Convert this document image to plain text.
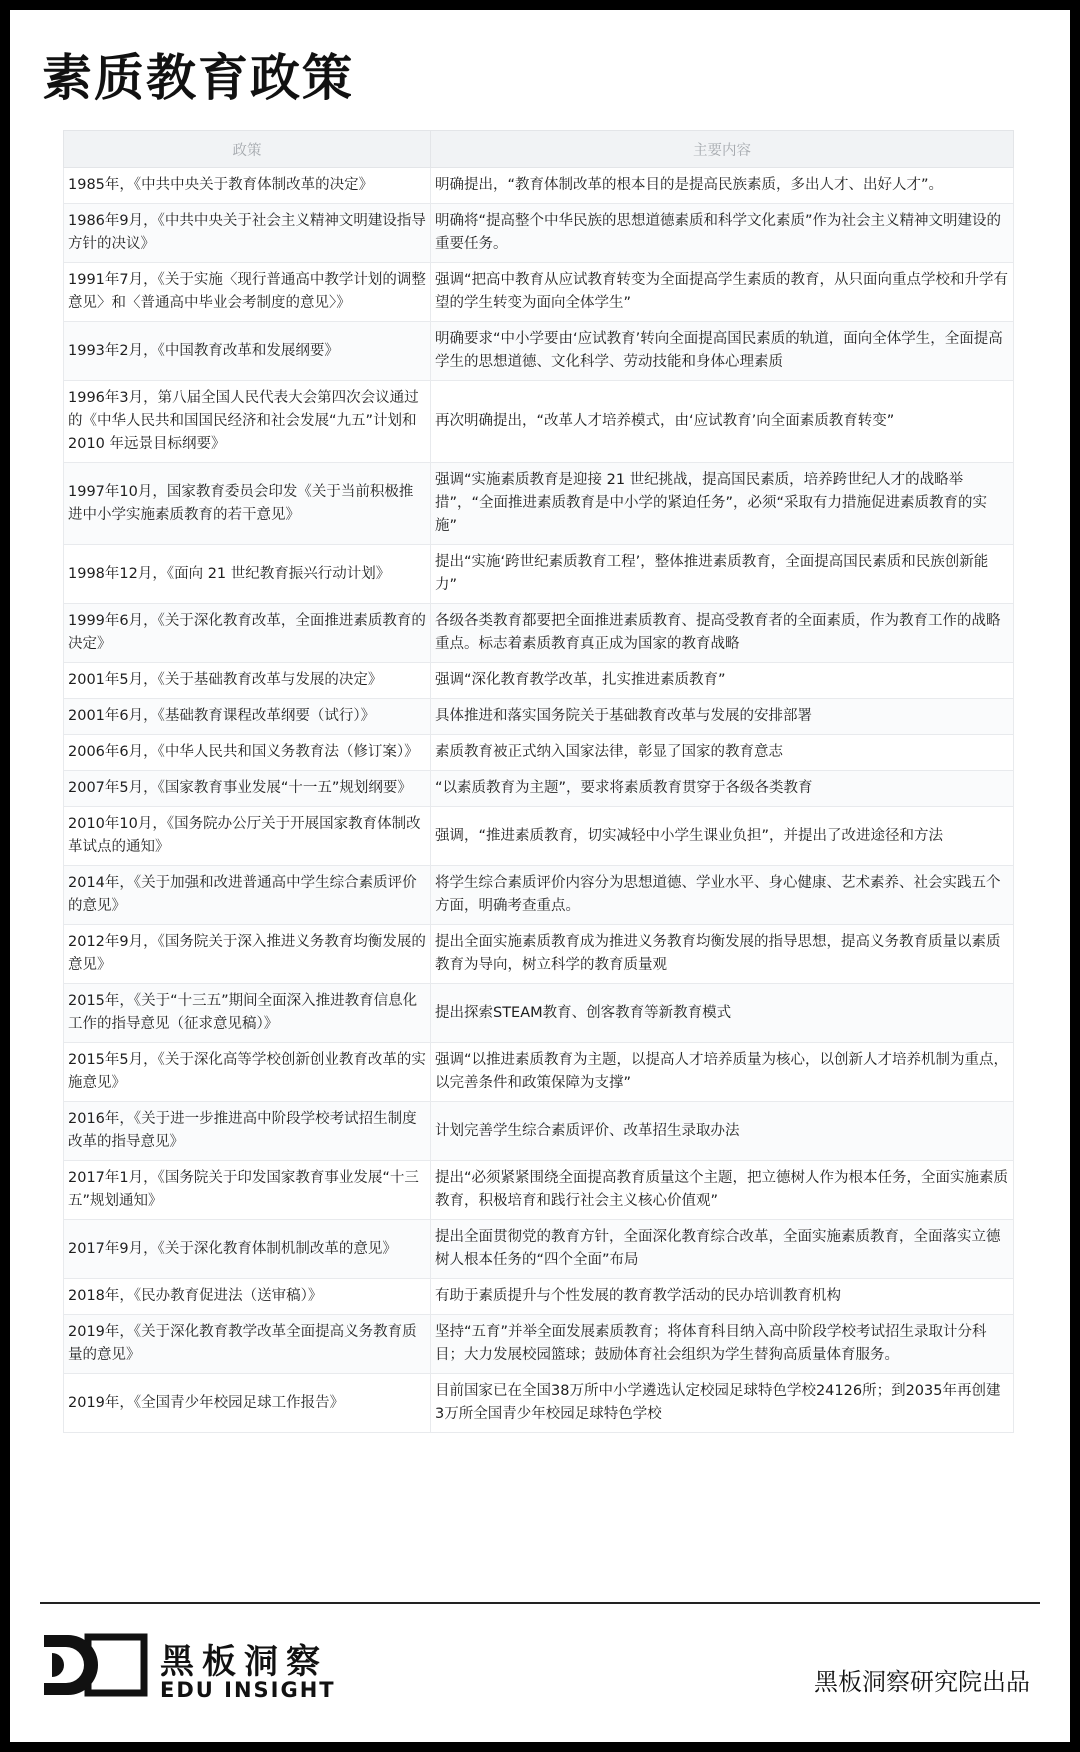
素质教育政策
政策	主要内容
1985年，《中共中央关于教育体制改革的决定》	明确提出，“教育体制改革的根本目的是提高民族素质，多出人才、出好人才”。
1986年9月，《中共中央关于社会主义精神文明建设指导方针的决议》	明确将“提高整个中华民族的思想道德素质和科学文化素质”作为社会主义精神文明建设的重要任务。
1991年7月，《关于实施〈现行普通高中教学计划的调整意见〉和〈普通高中毕业会考制度的意见〉》	强调“把高中教育从应试教育转变为全面提高学生素质的教育，从只面向重点学校和升学有望的学生转变为面向全体学生”
1993年2月，《中国教育改革和发展纲要》	明确要求“中小学要由‘应试教育’转向全面提高国民素质的轨道，面向全体学生，全面提高学生的思想道德、文化科学、劳动技能和身体心理素质
1996年3月，第八届全国人民代表大会第四次会议通过的《中华人民共和国国民经济和社会发展“九五”计划和 2010 年远景目标纲要》	再次明确提出，“改革人才培养模式，由‘应试教育’向全面素质教育转变”
1997年10月，国家教育委员会印发《关于当前积极推进中小学实施素质教育的若干意见》	强调“实施素质教育是迎接 21 世纪挑战，提高国民素质，培养跨世纪人才的战略举措”，“全面推进素质教育是中小学的紧迫任务”，必须“采取有力措施促进素质教育的实施”
1998年12月，《面向 21 世纪教育振兴行动计划》	提出“实施‘跨世纪素质教育工程’，整体推进素质教育，全面提高国民素质和民族创新能力”
1999年6月，《关于深化教育改革，全面推进素质教育的决定》	各级各类教育都要把全面推进素质教育、提高受教育者的全面素质，作为教育工作的战略重点。标志着素质教育真正成为国家的教育战略
2001年5月，《关于基础教育改革与发展的决定》	强调“深化教育教学改革，扎实推进素质教育”
2001年6月，《基础教育课程改革纲要（试行）》	具体推进和落实国务院关于基础教育改革与发展的安排部署
2006年6月，《中华人民共和国义务教育法（修订案）》	素质教育被正式纳入国家法律，彰显了国家的教育意志
2007年5月，《国家教育事业发展“十一五”规划纲要》	“以素质教育为主题”，要求将素质教育贯穿于各级各类教育
2010年10月，《国务院办公厅关于开展国家教育体制改革试点的通知》	强调，“推进素质教育，切实减轻中小学生课业负担”，并提出了改进途径和方法
2014年，《关于加强和改进普通高中学生综合素质评价的意见》	将学生综合素质评价内容分为思想道德、学业水平、身心健康、艺术素养、社会实践五个方面，明确考查重点。
2012年9月，《国务院关于深入推进义务教育均衡发展的意见》	提出全面实施素质教育成为推进义务教育均衡发展的指导思想，提高义务教育质量以素质教育为导向，树立科学的教育质量观
2015年，《关于“十三五”期间全面深入推进教育信息化工作的指导意见（征求意见稿）》	提出探索STEAM教育、创客教育等新教育模式
2015年5月，《关于深化高等学校创新创业教育改革的实施意见》	强调“以推进素质教育为主题，以提高人才培养质量为核心，以创新人才培养机制为重点，以完善条件和政策保障为支撑”
2016年，《关于进一步推进高中阶段学校考试招生制度改革的指导意见》	计划完善学生综合素质评价、改革招生录取办法
2017年1月，《国务院关于印发国家教育事业发展“十三五”规划通知》	提出“必须紧紧围绕全面提高教育质量这个主题，把立德树人作为根本任务，全面实施素质教育，积极培育和践行社会主义核心价值观”
2017年9月，《关于深化教育体制机制改革的意见》	提出全面贯彻党的教育方针，全面深化教育综合改革，全面实施素质教育，全面落实立德树人根本任务的“四个全面”布局
2018年，《民办教育促进法（送审稿）》	有助于素质提升与个性发展的教育教学活动的民办培训教育机构
2019年，《关于深化教育教学改革全面提高义务教育质量的意见》	坚持“五育”并举全面发展素质教育；将体育科目纳入高中阶段学校考试招生录取计分科目；大力发展校园篮球；鼓励体育社会组织为学生替狗高质量体育服务。
2019年，《全国青少年校园足球工作报告》	目前国家已在全国38万所中小学遴选认定校园足球特色学校24126所；到2035年再创建3万所全国青少年校园足球特色学校
黑板洞察
EDU INSIGHT	黑板洞察研究院出品
